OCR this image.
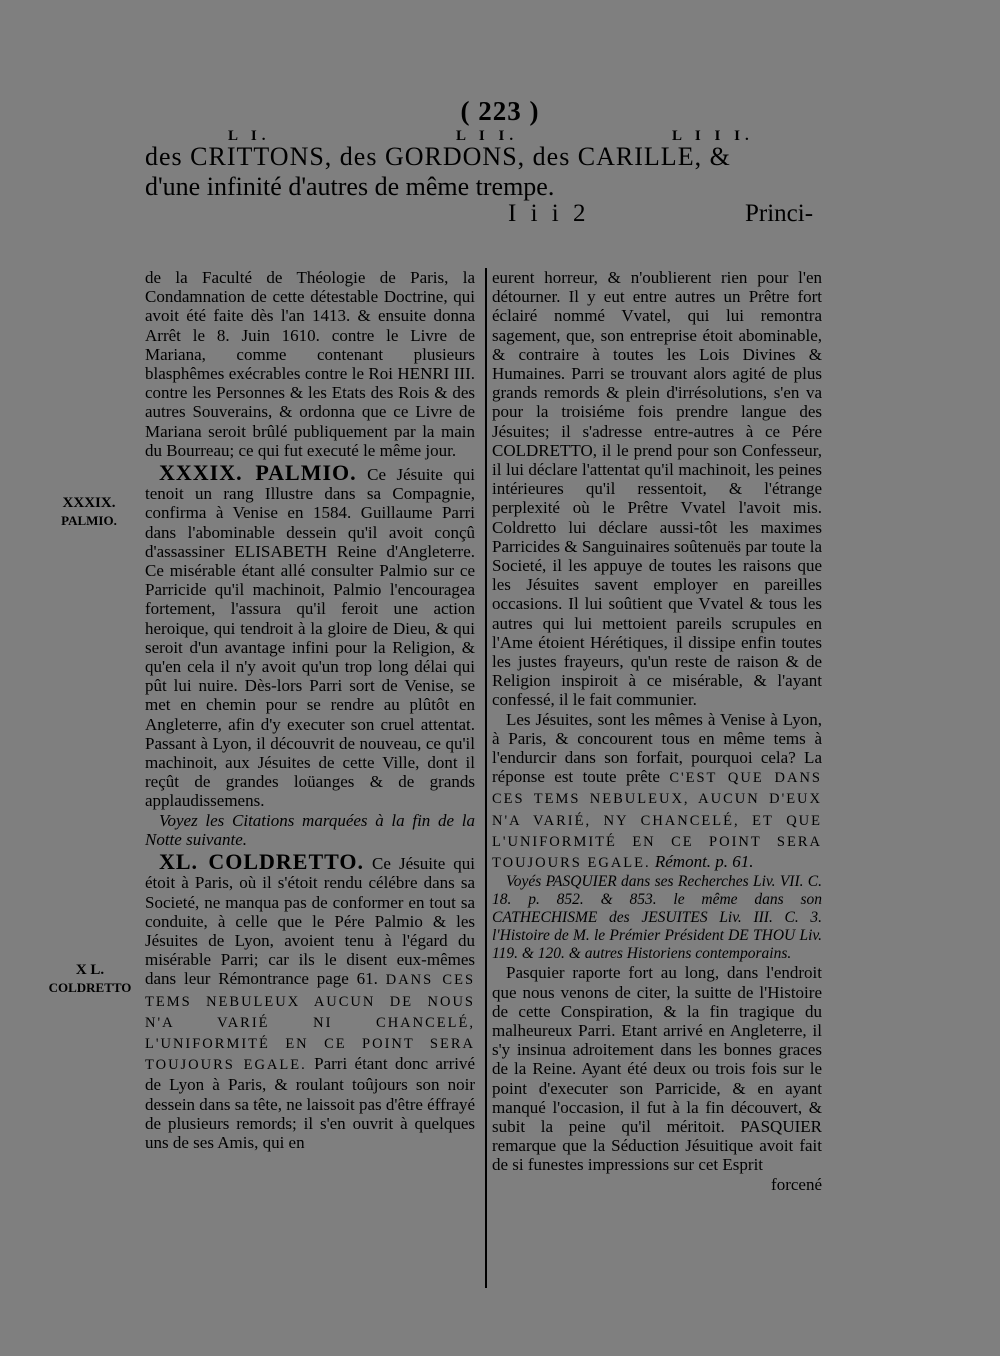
( 223 )
L I.	L I I.	L I I I.
des CRITTONS, des GORDONS, des CARILLE, &
d'une infinité d'autres de même trempe.
I i i 2	Princi-
XXXIX.
PALMIO.
X L.
COLDRETTO

de la Faculté de Théologie de Paris, la Condamnation de cette détestable Doctrine, qui avoit été faite dès l'an 1413. & ensuite donna Arrêt le 8. Juin 1610. contre le Livre de Mariana, comme contenant plusieurs blasphêmes exécrables contre le Roi HENRI III. contre les Personnes & les Etats des Rois & des autres Souverains, & ordonna que ce Livre de Mariana seroit brûlé publiquement par la main du Bourreau; ce qui fut executé le même jour.

XXXIX. PALMIO. Ce Jésuite qui tenoit un rang Illustre dans sa Compagnie, confirma à Venise en 1584. Guillaume Parri dans l'abominable dessein qu'il avoit conçû d'assassiner ELISABETH Reine d'Angleterre. Ce misérable étant allé consulter Palmio sur ce Parricide qu'il machinoit, Palmio l'encouragea fortement, l'assura qu'il feroit une action heroique, qui tendroit à la gloire de Dieu, & qui seroit d'un avantage infini pour la Religion, & qu'en cela il n'y avoit qu'un trop long délai qui pût lui nuire. Dès-lors Parri sort de Venise, se met en chemin pour se rendre au plûtôt en Angleterre, afin d'y executer son cruel attentat. Passant à Lyon, il découvrit de nouveau, ce qu'il machinoit, aux Jésuites de cette Ville, dont il reçût de grandes loüanges & de grands applaudissemens.

Voyez les Citations marquées à la fin de la Notte suivante.

XL. COLDRETTO. Ce Jésuite qui étoit à Paris, où il s'étoit rendu célébre dans sa Societé, ne manqua pas de conformer en tout sa conduite, à celle que le Pére Palmio & les Jésuites de Lyon, avoient tenu à l'égard du misérable Parri; car ils le disent eux-mêmes dans leur Rémontrance page 61. DANS CES TEMS NEBULEUX AUCUN DE NOUS N'A VARIÉ NI CHANCELÉ, L'UNIFORMITÉ EN CE POINT SERA TOUJOURS EGALE. Parri étant donc arrivé de Lyon à Paris, & roulant toûjours son noir dessein dans sa tête, ne laissoit pas d'être éffrayé de plusieurs remords; il s'en ouvrit à quelques uns de ses Amis, qui en

eurent horreur, & n'oublierent rien pour l'en détourner. Il y eut entre autres un Prêtre fort éclairé nommé Vvatel, qui lui remontra sagement, que, son entreprise étoit abominable, & contraire à toutes les Lois Divines & Humaines. Parri se trouvant alors agité de plus grands remords & plein d'irrésolutions, s'en va pour la troisiéme fois prendre langue des Jésuites; il s'adresse entre-autres à ce Pére COLDRETTO, il le prend pour son Confesseur, il lui déclare l'attentat qu'il machinoit, les peines intérieures qu'il ressentoit, & l'étrange perplexité où le Prêtre Vvatel l'avoit mis. Coldretto lui déclare aussi-tôt les maximes Parricides & Sanguinaires soûtenuës par toute la Societé, il les appuye de toutes les raisons que les Jésuites savent employer en pareilles occasions. Il lui soûtient que Vvatel & tous les autres qui lui mettoient pareils scrupules en l'Ame étoient Hérétiques, il dissipe enfin toutes les justes frayeurs, qu'un reste de raison & de Religion inspiroit à ce misérable, & l'ayant confessé, il le fait communier.

Les Jésuites, sont les mêmes à Venise à Lyon, à Paris, & concourent tous en même tems à l'endurcir dans son forfait, pourquoi cela? La réponse est toute prête C'EST QUE DANS CES TEMS NEBULEUX, AUCUN D'EUX N'A VARIÉ, NY CHANCELÉ, ET QUE L'UNIFORMITÉ EN CE POINT SERA TOUJOURS EGALE. Rémont. p. 61.

Voyés PASQUIER dans ses Recherches Liv. VII. C. 18. p. 852. & 853. le même dans son CATHECHISME des JESUITES Liv. III. C. 3. l'Histoire de M. le Prémier Président DE THOU Liv. 119. & 120. & autres Historiens contemporains.

Pasquier raporte fort au long, dans l'endroit que nous venons de citer, la suitte de l'Histoire de cette Conspiration, & la fin tragique du malheureux Parri. Etant arrivé en Angleterre, il s'y insinua adroitement dans les bonnes graces de la Reine. Ayant été deux ou trois fois sur le point d'executer son Parricide, & en ayant manqué l'occasion, il fut à la fin découvert, & subit la peine qu'il méritoit. PASQUIER remarque que la Séduction Jésuitique avoit fait de si funestes impressions sur cet Esprit

forcené
